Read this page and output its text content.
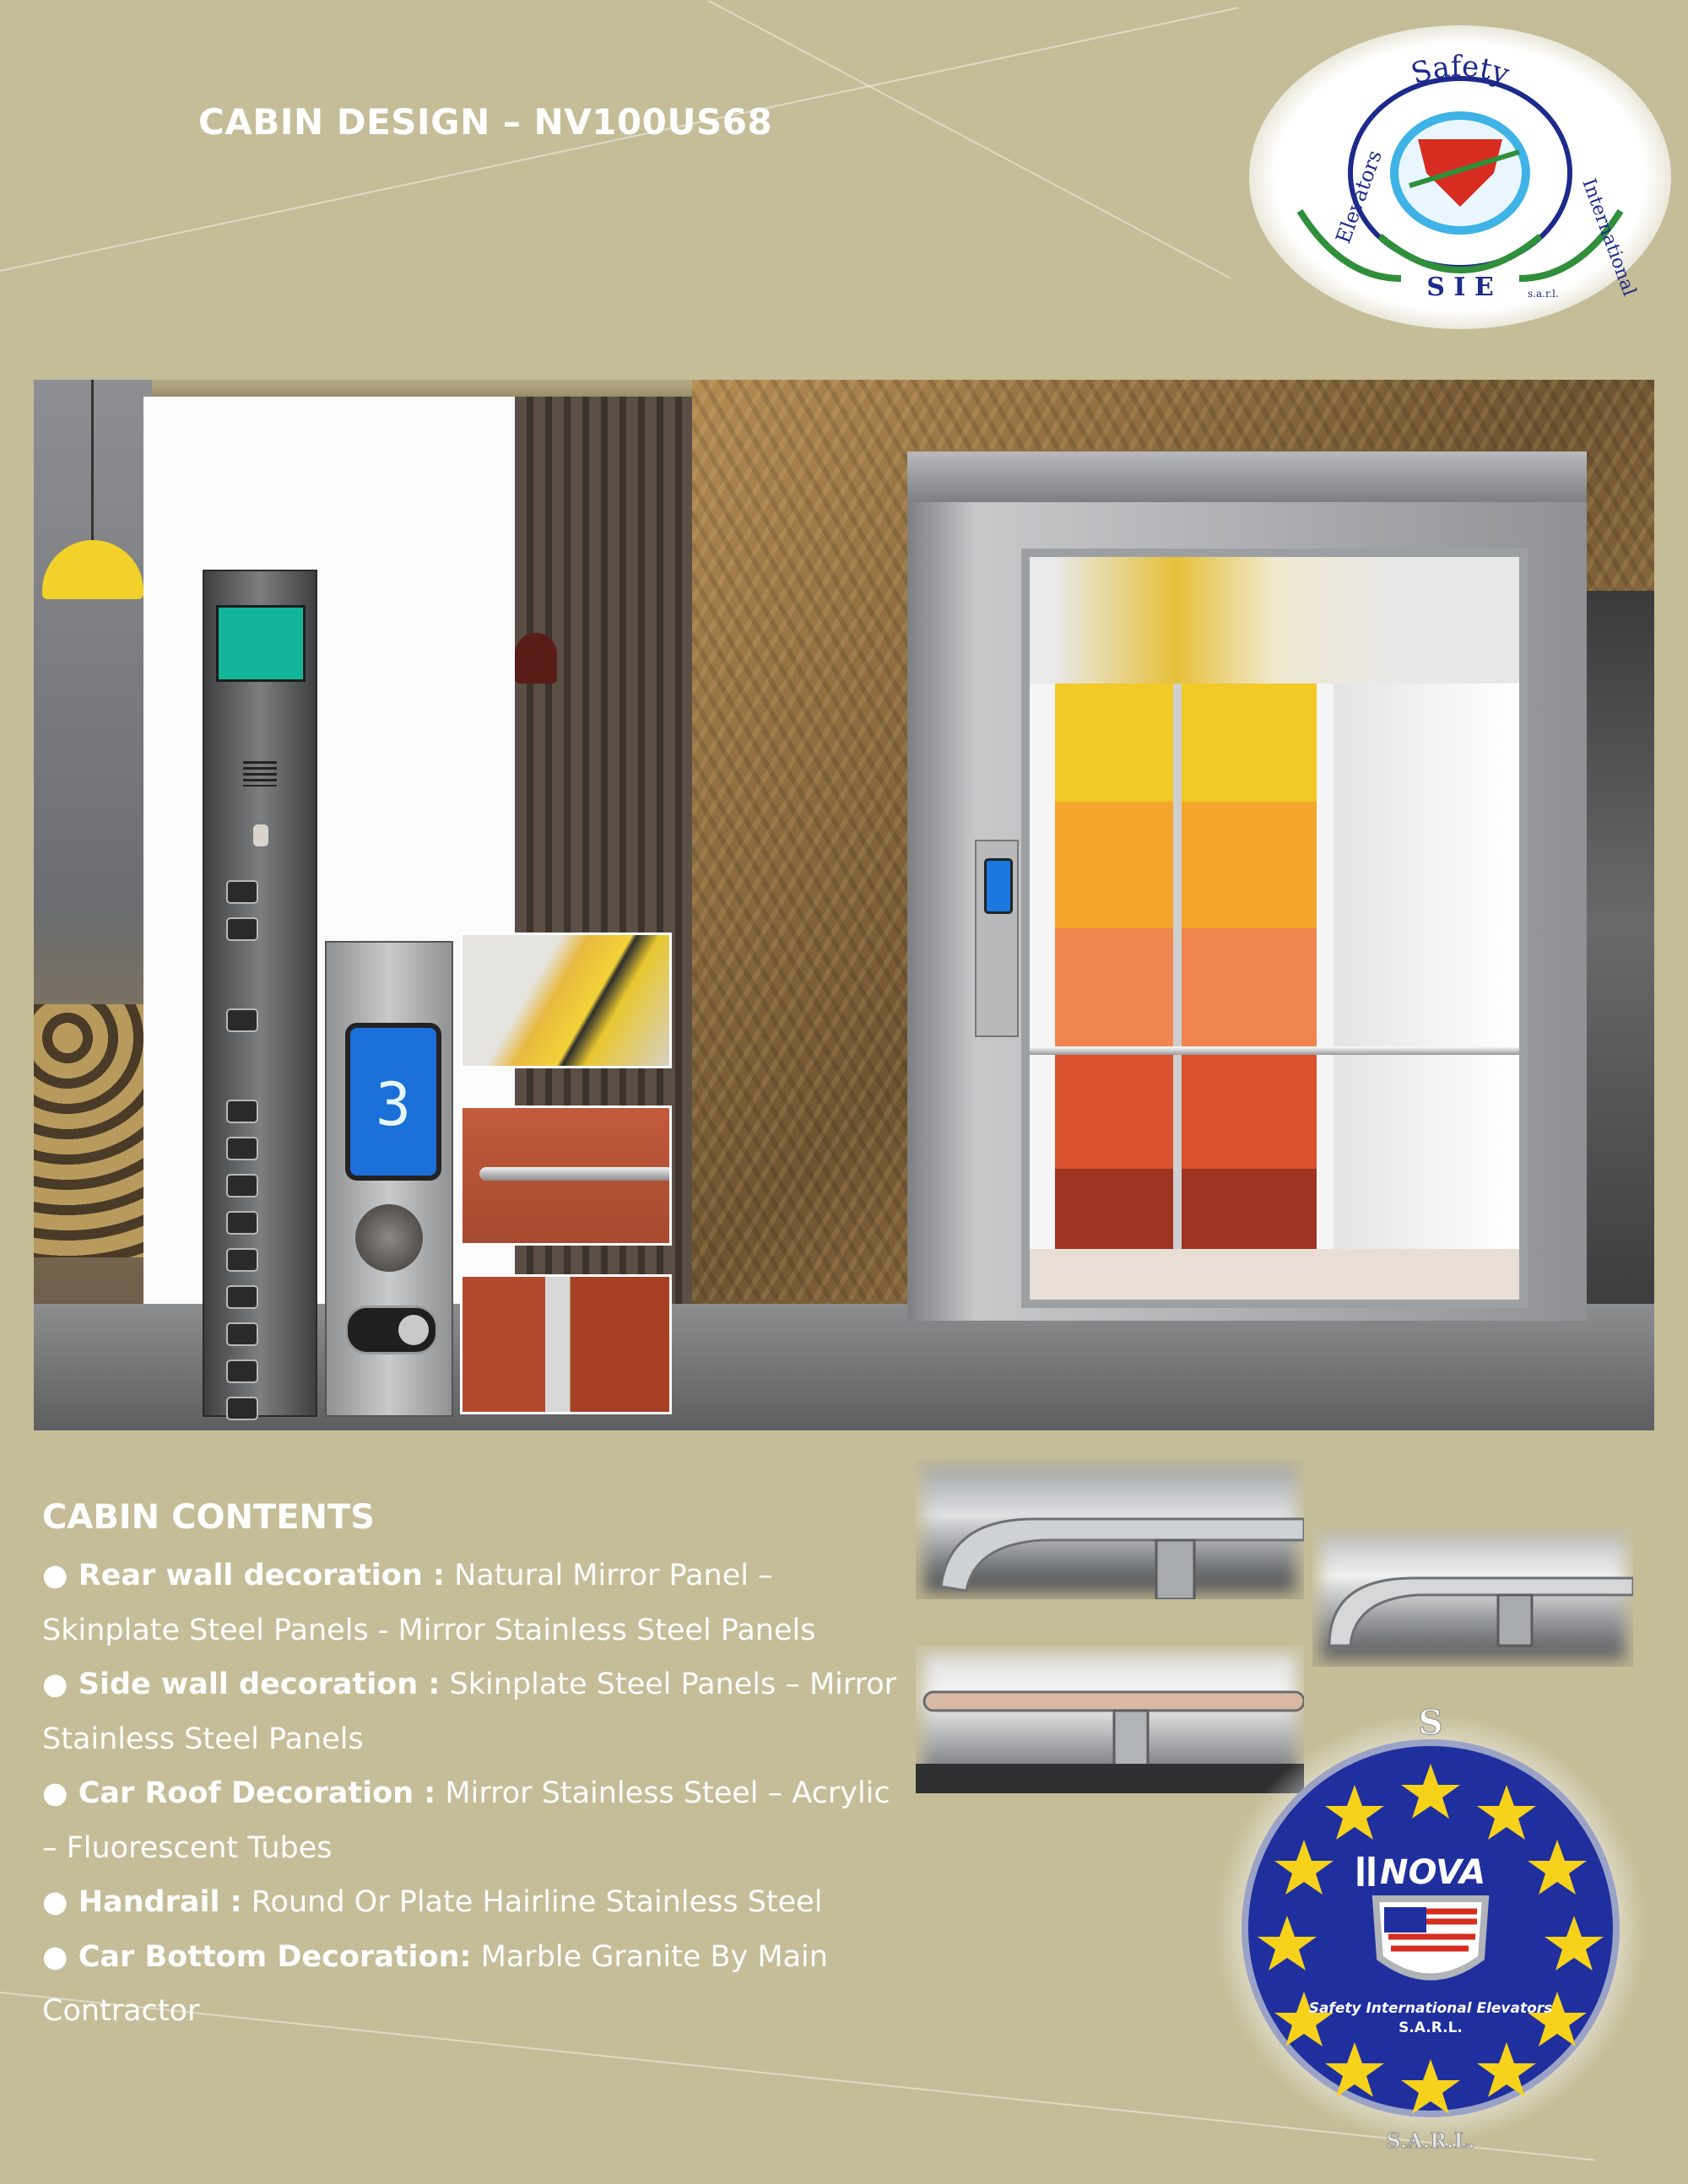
CABIN DESIGN – NV100US68
Safety
International
Elevators
S I E	s.a.r.l.

3
CABIN CONTENTS

● Rear wall decoration : Natural Mirror Panel – Skinplate Steel Panels - Mirror Stainless Steel Panels

● Side wall decoration : Skinplate Steel Panels – Mirror Stainless Steel Panels

● Car Roof Decoration : Mirror Stainless Steel – Acrylic – Fluorescent Tubes

● Handrail : Round Or Plate Hairline Stainless Steel

● Car Bottom Decoration: Marble Granite By Main Contractor

S
S.A.R.L.
NOVA
Safety International Elevators
S.A.R.L.
